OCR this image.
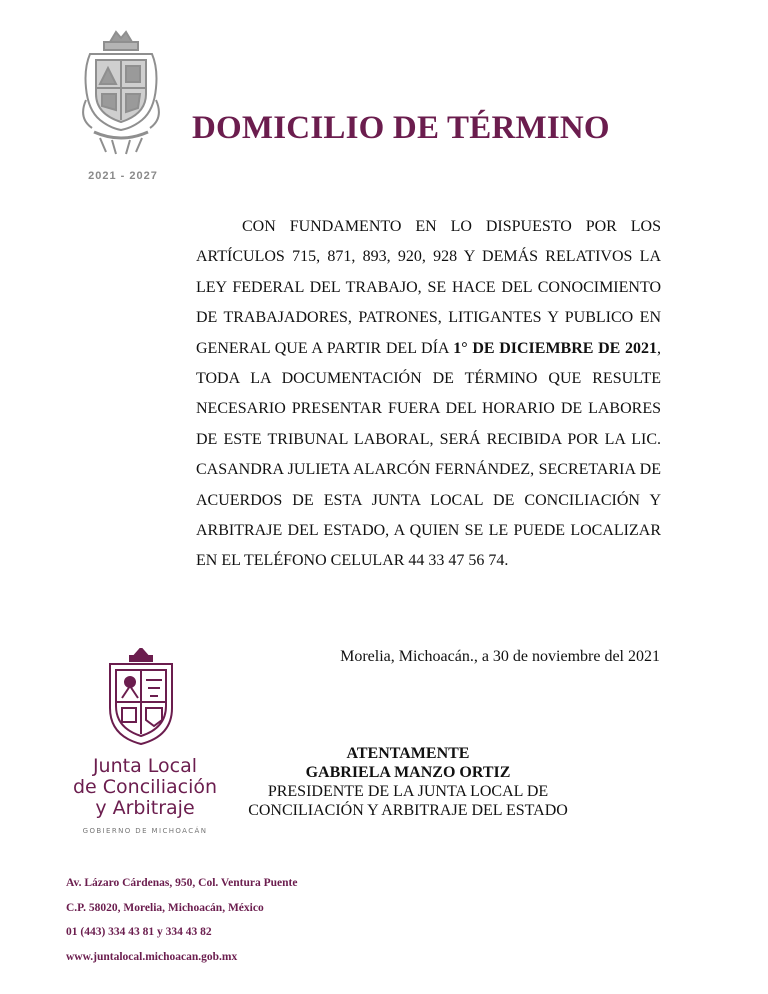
2021 - 2027
DOMICILIO DE TÉRMINO

CON FUNDAMENTO EN LO DISPUESTO POR LOS ARTÍCULOS 715, 871, 893, 920, 928 Y DEMÁS RELATIVOS LA LEY FEDERAL DEL TRABAJO, SE HACE DEL CONOCIMIENTO DE TRABAJADORES, PATRONES, LITIGANTES Y PUBLICO EN GENERAL QUE A PARTIR DEL DÍA 1° DE DICIEMBRE DE 2021, TODA LA DOCUMENTACIÓN DE TÉRMINO QUE RESULTE NECESARIO PRESENTAR FUERA DEL HORARIO DE LABORES DE ESTE TRIBUNAL LABORAL, SERÁ RECIBIDA POR LA LIC. CASANDRA JULIETA ALARCÓN FERNÁNDEZ, SECRETARIA DE ACUERDOS DE ESTA JUNTA LOCAL DE CONCILIACIÓN Y ARBITRAJE DEL ESTADO, A QUIEN SE LE PUEDE LOCALIZAR EN EL TELÉFONO CELULAR 44 33 47 56 74.

Morelia, Michoacán., a 30 de noviembre del 2021
Junta Local
de Conciliación
y Arbitraje
GOBIERNO DE MICHOACÁN
ATENTAMENTE
GABRIELA MANZO ORTIZ
PRESIDENTE DE LA JUNTA LOCAL DE
CONCILIACIÓN Y ARBITRAJE DEL ESTADO
Av. Lázaro Cárdenas, 950, Col. Ventura Puente
C.P. 58020, Morelia, Michoacán, México
01 (443) 334 43 81 y 334 43 82
www.juntalocal.michoacan.gob.mx
